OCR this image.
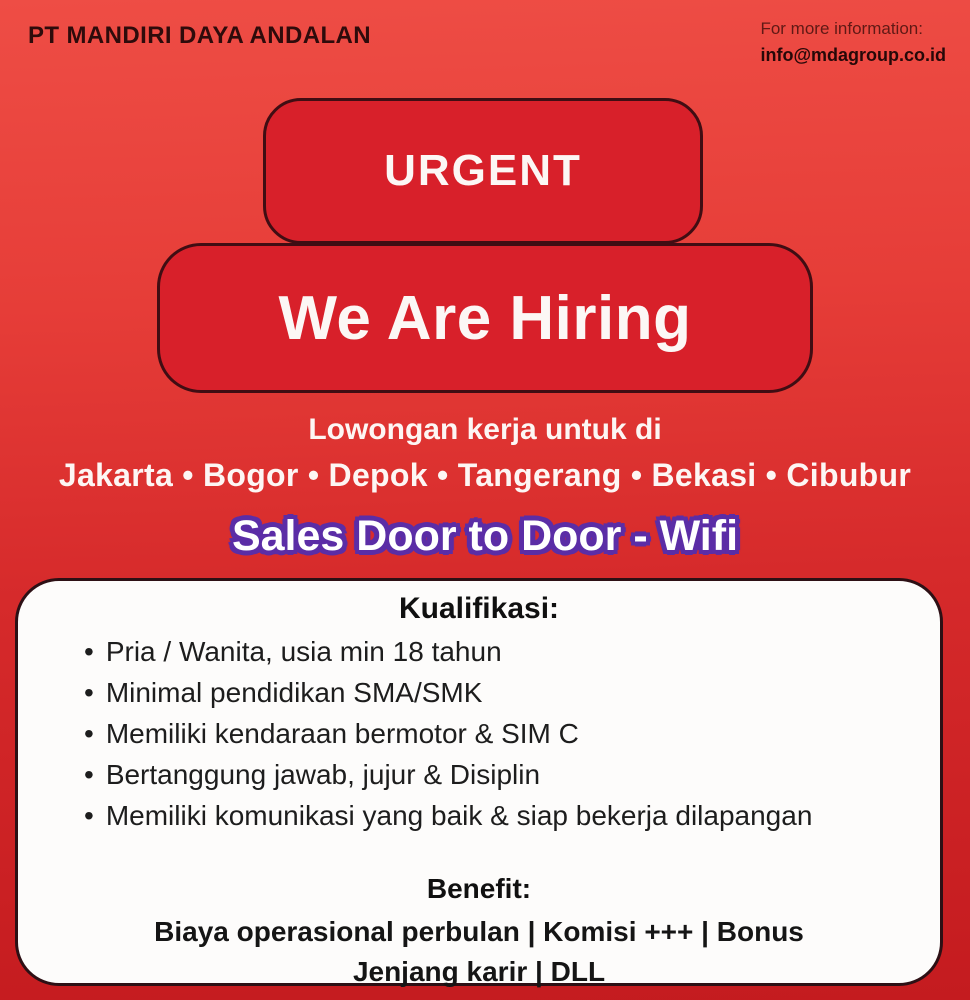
PT MANDIRI DAYA ANDALAN	For more information:
info@mdagroup.co.id
URGENT
We Are Hiring
Lowongan kerja untuk di
Jakarta • Bogor • Depok • Tangerang • Bekasi • Cibubur
Sales Door to Door - Wifi
Kualifikasi:
• Pria / Wanita, usia min 18 tahun
• Minimal pendidikan SMA/SMK
• Memiliki kendaraan bermotor & SIM C
• Bertanggung jawab, jujur & Disiplin
• Memiliki komunikasi yang baik & siap bekerja dilapangan
Benefit:
Biaya operasional perbulan | Komisi +++ | Bonus
Jenjang karir | DLL
